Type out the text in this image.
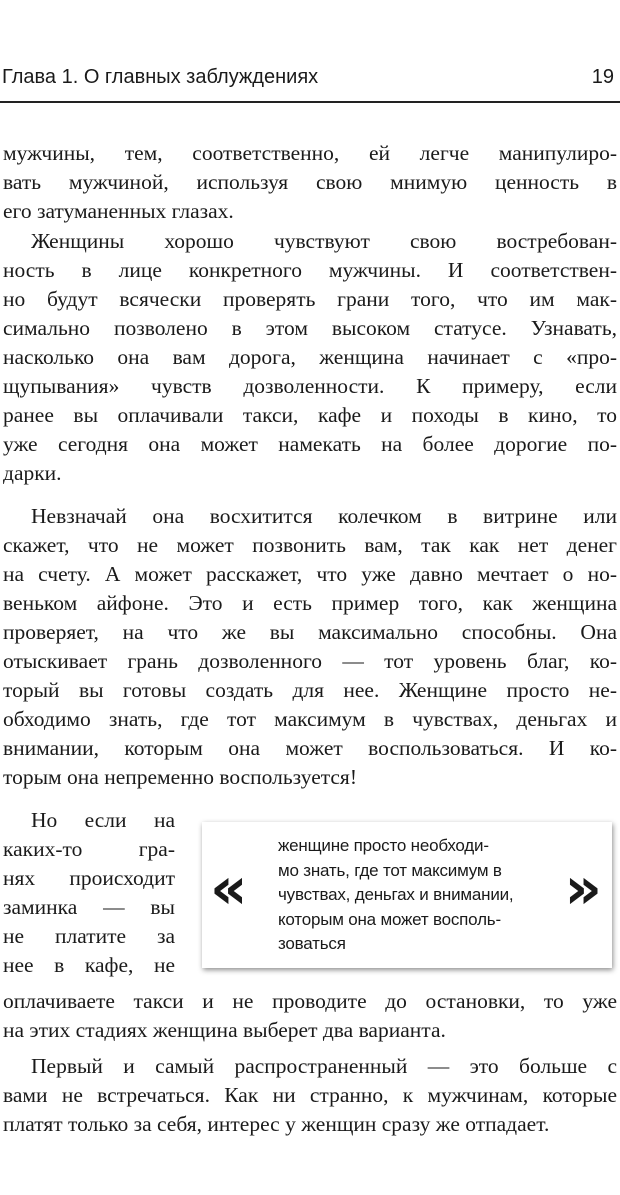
Глава 1. О главных заблуждениях	19

мужчины, тем, соответственно, ей легче манипулиро-

вать мужчиной, используя свою мнимую ценность в

его затуманенных глазах.

Женщины хорошо чувствуют свою востребован-

ность в лице конкретного мужчины. И соответствен-

но будут всячески проверять грани того, что им мак-

симально позволено в этом высоком статусе. Узнавать,

насколько она вам дорога, женщина начинает с «про-

щупывания» чувств дозволенности. К примеру, если

ранее вы оплачивали такси, кафе и походы в кино, то

уже сегодня она может намекать на более дорогие по-

дарки.

Невзначай она восхитится колечком в витрине или

скажет, что не может позвонить вам, так как нет денег

на счету. А может расскажет, что уже давно мечтает о но-

веньком айфоне. Это и есть пример того, как женщина

проверяет, на что же вы максимально способны. Она

отыскивает грань дозволенного — тот уровень благ, ко-

торый вы готовы создать для нее. Женщине просто не-

обходимо знать, где тот максимум в чувствах, деньгах и

внимании, которым она может воспользоваться. И ко-

торым она непременно воспользуется!

Но если на

каких-то гра-

нях происходит

заминка — вы

не платите за

нее в кафе, не

оплачиваете такси и не проводите до остановки, то уже

на этих стадиях женщина выберет два варианта.

Первый и самый распространенный — это больше с

вами не встречаться. Как ни странно, к мужчинам, которые

платят только за себя, интерес у женщин сразу же отпадает.

«
женщине просто необходи-
мо знать, где тот максимум в
чувствах, деньгах и внимании,
которым она может восполь-
зоваться
»
